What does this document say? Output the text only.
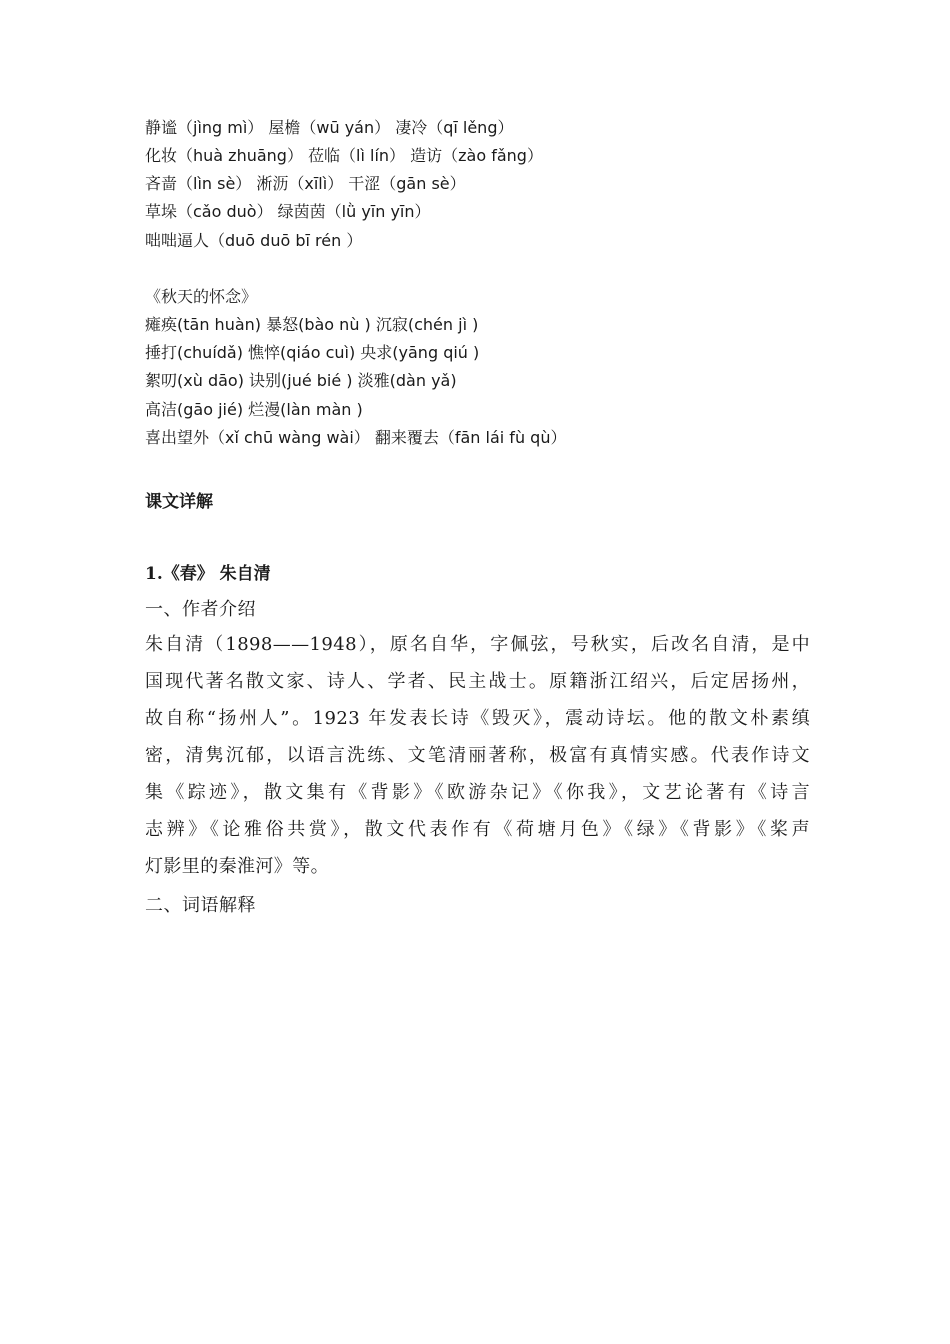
静谧（jìng mì） 屋檐（wū yán） 凄冷（qī lěng）
化妆（huà zhuāng） 莅临（lì lín） 造访（zào fǎng）
吝啬（lìn sè） 淅沥（xīlì） 干涩（gān sè）
草垛（cǎo duò） 绿茵茵（lǜ yīn yīn）
咄咄逼人（duō duō bī rén ）
《秋天的怀念》
瘫痪(tān huàn) 暴怒(bào nù ) 沉寂(chén jì )
捶打(chuídǎ) 憔悴(qiáo cuì) 央求(yāng qiú )
絮叨(xù dāo) 诀别(jué bié ) 淡雅(dàn yǎ)
高洁(gāo jié) 烂漫(làn màn )
喜出望外（xǐ chū wàng wài） 翻来覆去（fān lái fù qù）
课文详解
1.《春》 朱自清
一、作者介绍
朱自清（1898——1948），原名自华，字佩弦，号秋实，后改名自清，是中
国现代著名散文家、诗人、学者、民主战士。原籍浙江绍兴，后定居扬州，
故自称“扬州人”。1923 年发表长诗《毁灭》，震动诗坛。他的散文朴素缜
密，清隽沉郁，以语言洗练、文笔清丽著称，极富有真情实感。代表作诗文
集《踪迹》，散文集有《背影》《欧游杂记》《你我》，文艺论著有《诗言
志辨》《论雅俗共赏》，散文代表作有《荷塘月色》《绿》《背影》《桨声
灯影里的秦淮河》等。
二、词语解释
